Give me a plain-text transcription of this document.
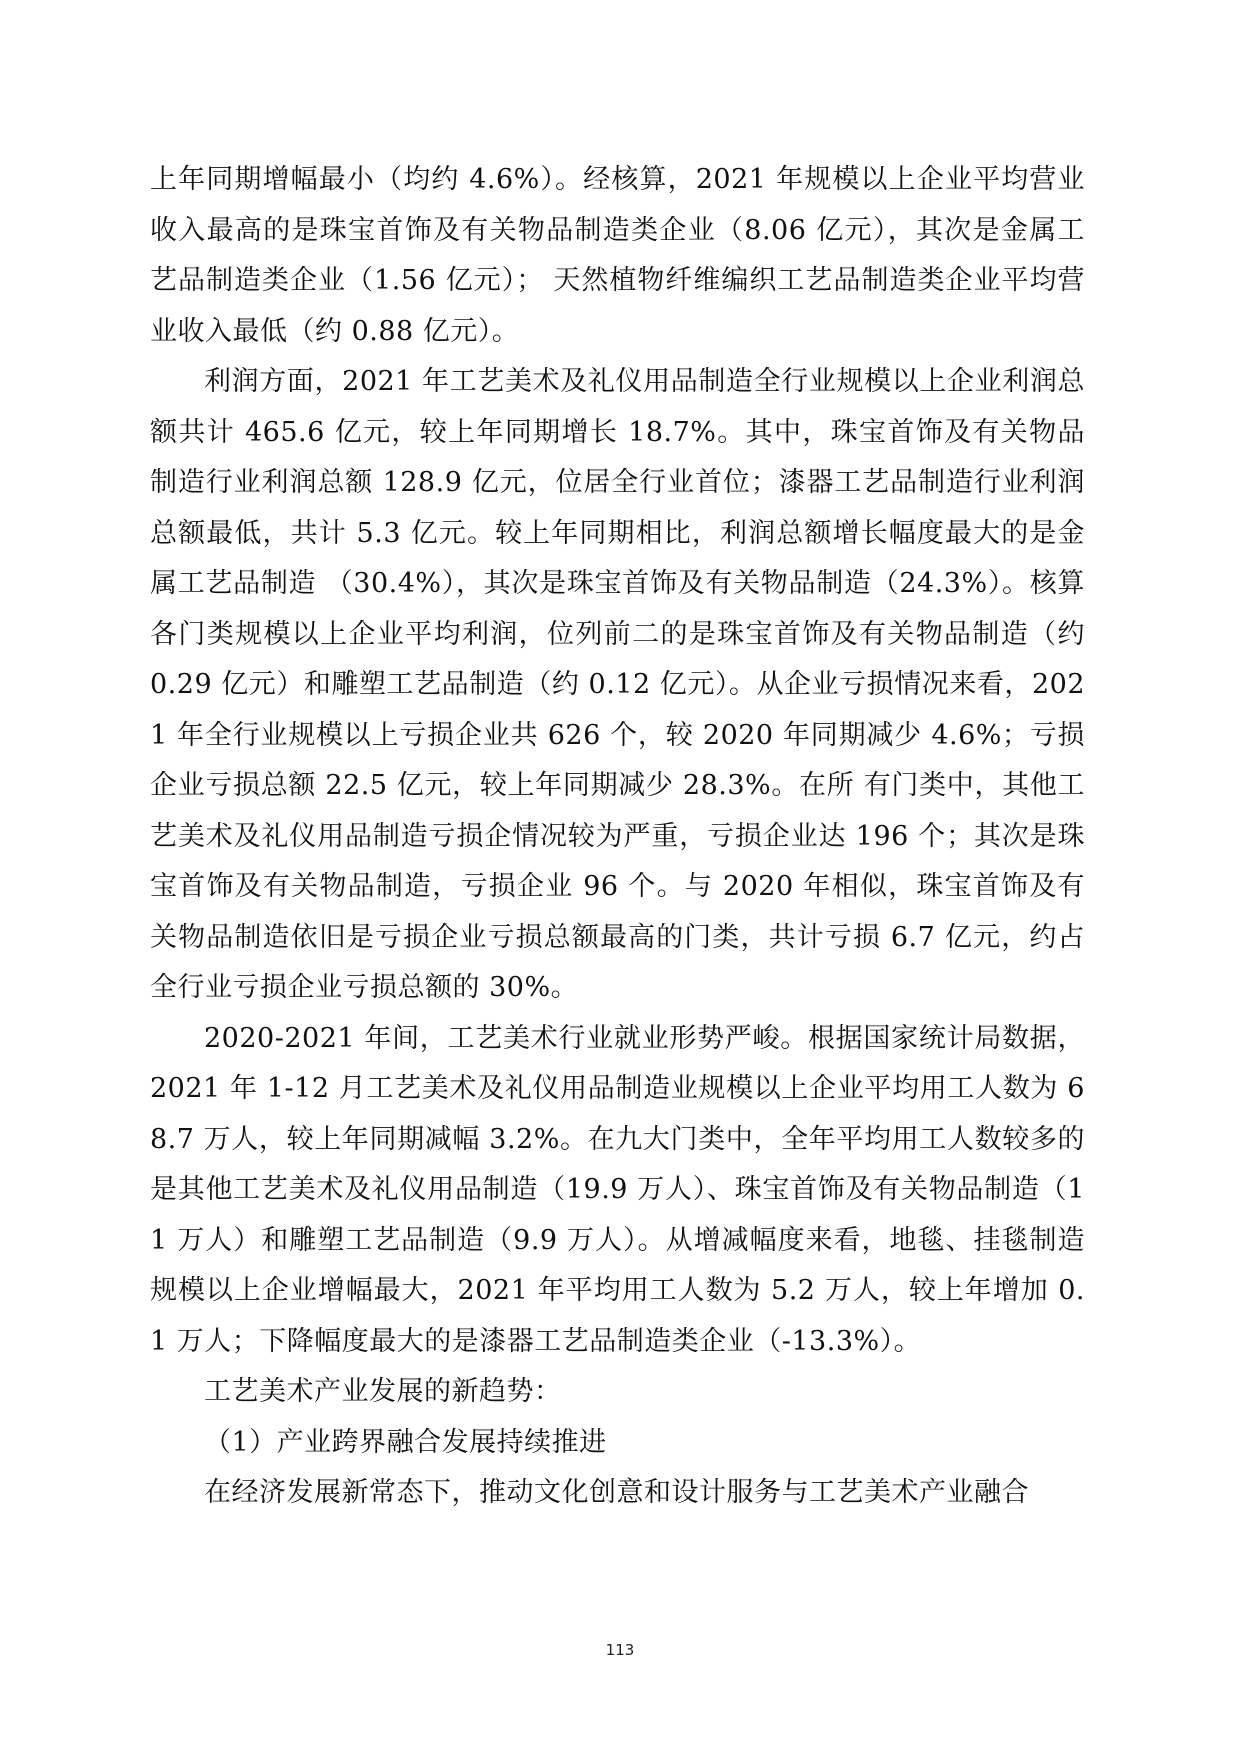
上年同期增幅最小（均约 4.6%）。经核算，2021 年规模以上企业平均营业收入最高的是珠宝首饰及有关物品制造类企业（8.06 亿元），其次是金属工艺品制造类企业（1.56 亿元）； 天然植物纤维编织工艺品制造类企业平均营业收入最低（约 0.88 亿元）。

利润方面，2021 年工艺美术及礼仪用品制造全行业规模以上企业利润总额共计 465.6 亿元，较上年同期增长 18.7%。其中，珠宝首饰及有关物品制造行业利润总额 128.9 亿元，位居全行业首位；漆器工艺品制造行业利润总额最低，共计 5.3 亿元。较上年同期相比，利润总额增长幅度最大的是金属工艺品制造 （30.4%），其次是珠宝首饰及有关物品制造（24.3%）。核算各门类规模以上企业平均利润，位列前二的是珠宝首饰及有关物品制造（约 0.29 亿元）和雕塑工艺品制造（约 0.12 亿元）。从企业亏损情况来看，2021 年全行业规模以上亏损企业共 626 个，较 2020 年同期减少 4.6%；亏损企业亏损总额 22.5 亿元，较上年同期减少 28.3%。在所 有门类中，其他工艺美术及礼仪用品制造亏损企情况较为严重，亏损企业达 196 个；其次是珠宝首饰及有关物品制造，亏损企业 96 个。与 2020 年相似，珠宝首饰及有关物品制造依旧是亏损企业亏损总额最高的门类，共计亏损 6.7 亿元，约占全行业亏损企业亏损总额的 30%。

2020-2021 年间，工艺美术行业就业形势严峻。根据国家统计局数据，2021 年 1-12 月工艺美术及礼仪用品制造业规模以上企业平均用工人数为 68.7 万人，较上年同期减幅 3.2%。在九大门类中，全年平均用工人数较多的是其他工艺美术及礼仪用品制造（19.9 万人）、珠宝首饰及有关物品制造（11 万人）和雕塑工艺品制造（9.9 万人）。从增减幅度来看，地毯、挂毯制造规模以上企业增幅最大，2021 年平均用工人数为 5.2 万人，较上年增加 0.1 万人；下降幅度最大的是漆器工艺品制造类企业（-13.3%）。

工艺美术产业发展的新趋势：

（1）产业跨界融合发展持续推进

在经济发展新常态下，推动文化创意和设计服务与工艺美术产业融合

113
